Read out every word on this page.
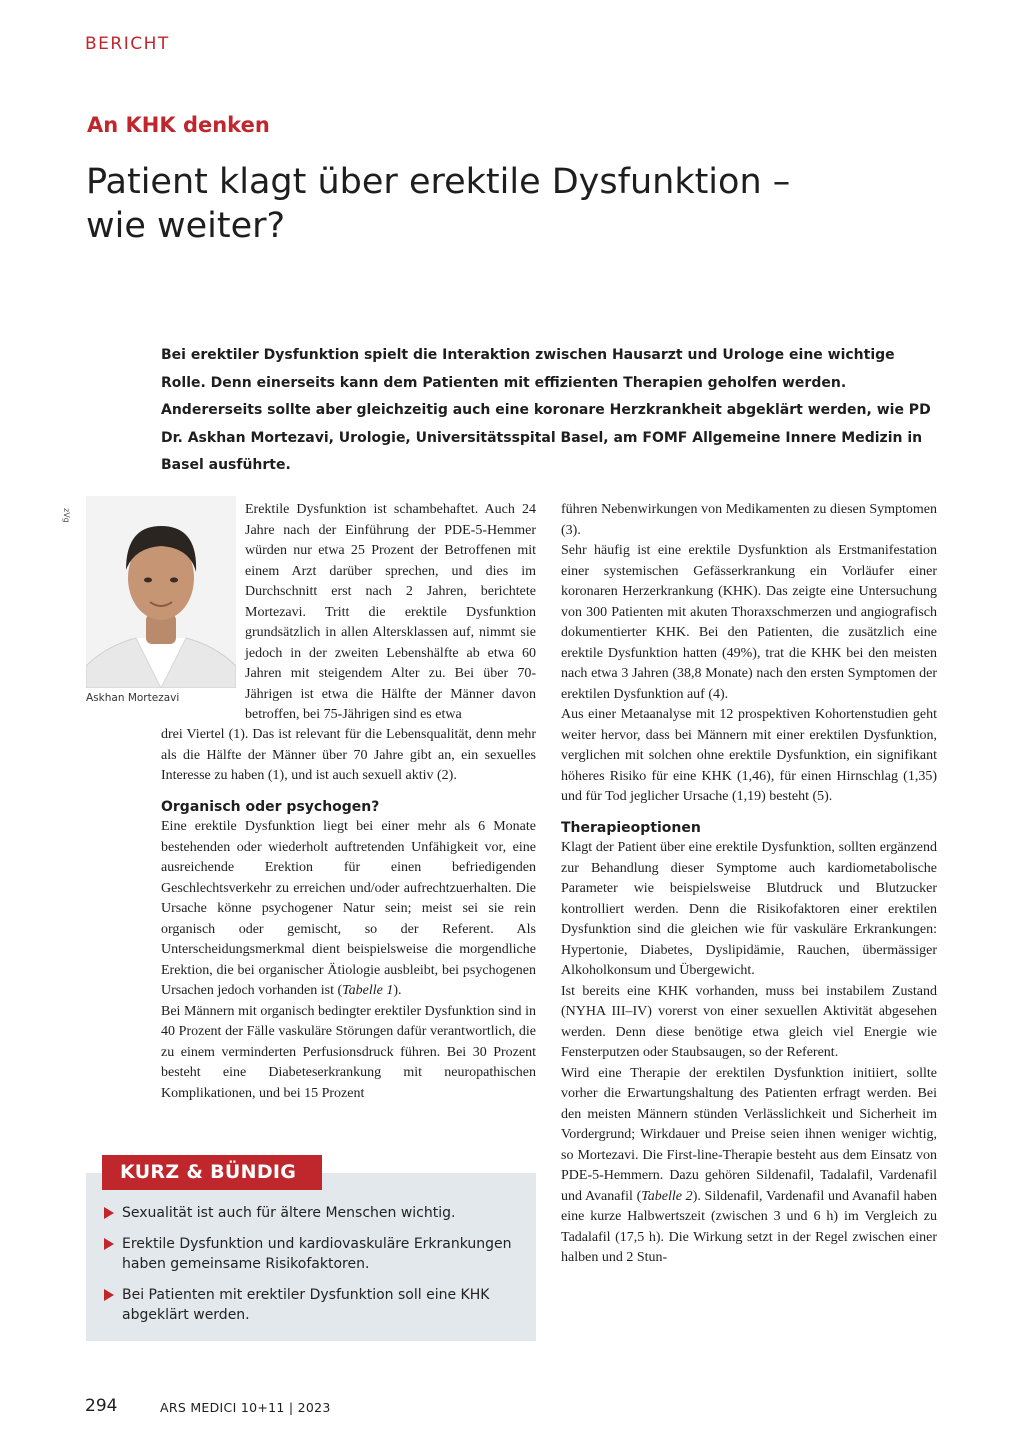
BERICHT
An KHK denken
Patient klagt über erektile Dysfunktion –
wie weiter?
Bei erektiler Dysfunktion spielt die Interaktion zwischen Hausarzt und Urologe eine wichtige Rolle. Denn einerseits kann dem Patienten mit effizienten Therapien geholfen werden. Andererseits sollte aber gleichzeitig auch eine koronare Herzkrankheit abgeklärt werden, wie PD Dr. Askhan Mortezavi, Urologie, Universitätsspital Basel, am FOMF Allgemeine Innere Medizin in Basel ausführte.
zVg
Askhan Mortezavi

Erektile Dysfunktion ist schambehaftet. Auch 24 Jahre nach der Einführung der PDE-5-Hemmer würden nur etwa 25 Prozent der Betroffenen mit einem Arzt darüber sprechen, und dies im Durchschnitt erst nach 2 Jahren, berichtete Mortezavi. Tritt die erektile Dysfunktion grundsätzlich in allen Altersklassen auf, nimmt sie jedoch in der zweiten Lebenshälfte ab etwa 60 Jahren mit steigendem Alter zu. Bei über 70-Jährigen ist etwa die Hälfte der Männer davon betroffen, bei 75-Jährigen sind es etwa

drei Viertel (1). Das ist relevant für die Lebensqualität, denn mehr als die Hälfte der Männer über 70 Jahre gibt an, ein sexuelles Interesse zu haben (1), und ist auch sexuell aktiv (2).

Organisch oder psychogen?

Eine erektile Dysfunktion liegt bei einer mehr als 6 Monate bestehenden oder wiederholt auftretenden Unfähigkeit vor, eine ausreichende Erektion für einen befriedigenden Geschlechtsverkehr zu erreichen und/oder aufrechtzuerhalten. Die Ursache könne psychogener Natur sein; meist sei sie rein organisch oder gemischt, so der Referent. Als Unterscheidungsmerkmal dient beispielsweise die morgendliche Erektion, die bei organischer Ätiologie ausbleibt, bei psychogenen Ursachen jedoch vorhanden ist (Tabelle 1).

Bei Männern mit organisch bedingter erektiler Dysfunktion sind in 40 Prozent der Fälle vaskuläre Störungen dafür verantwortlich, die zu einem verminderten Perfusionsdruck führen. Bei 30 Prozent besteht eine Diabeteserkrankung mit neuropathischen Komplikationen, und bei 15 Prozent

führen Nebenwirkungen von Medikamenten zu diesen Symptomen (3).

Sehr häufig ist eine erektile Dysfunktion als Erstmanifestation einer systemischen Gefässerkrankung ein Vorläufer einer koronaren Herzerkrankung (KHK). Das zeigte eine Untersuchung von 300 Patienten mit akuten Thoraxschmerzen und angiografisch dokumentierter KHK. Bei den Patienten, die zusätzlich eine erektile Dysfunktion hatten (49%), trat die KHK bei den meisten nach etwa 3 Jahren (38,8 Monate) nach den ersten Symptomen der erektilen Dysfunktion auf (4).

Aus einer Metaanalyse mit 12 prospektiven Kohortenstudien geht weiter hervor, dass bei Männern mit einer erektilen Dysfunktion, verglichen mit solchen ohne erektile Dysfunktion, ein signifikant höheres Risiko für eine KHK (1,46), für einen Hirnschlag (1,35) und für Tod jeglicher Ursache (1,19) besteht (5).

Therapieoptionen

Klagt der Patient über eine erektile Dysfunktion, sollten ergänzend zur Behandlung dieser Symptome auch kardiometabolische Parameter wie beispielsweise Blutdruck und Blutzucker kontrolliert werden. Denn die Risikofaktoren einer erektilen Dysfunktion sind die gleichen wie für vaskuläre Erkrankungen: Hypertonie, Diabetes, Dyslipidämie, Rauchen, übermässiger Alkoholkonsum und Übergewicht.

Ist bereits eine KHK vorhanden, muss bei instabilem Zustand (NYHA III–IV) vorerst von einer sexuellen Aktivität abgesehen werden. Denn diese benötige etwa gleich viel Energie wie Fensterputzen oder Staubsaugen, so der Referent.

Wird eine Therapie der erektilen Dysfunktion initiiert, sollte vorher die Erwartungshaltung des Patienten erfragt werden. Bei den meisten Männern stünden Verlässlichkeit und Sicherheit im Vordergrund; Wirkdauer und Preise seien ihnen weniger wichtig, so Mortezavi. Die First-line-Therapie besteht aus dem Einsatz von PDE-5-Hemmern. Dazu gehören Sildenafil, Tadalafil, Vardenafil und Avanafil (Tabelle 2). Sildenafil, Vardenafil und Avanafil haben eine kurze Halbwertszeit (zwischen 3 und 6 h) im Vergleich zu Tadalafil (17,5 h). Die Wirkung setzt in der Regel zwischen einer halben und 2 Stun-

Sexualität ist auch für ältere Menschen wichtig.
Erektile Dysfunktion und kardiovaskuläre Erkrankungen haben gemeinsame Risikofaktoren.
Bei Patienten mit erektiler Dysfunktion soll eine KHK abgeklärt werden.
KURZ & BÜNDIG
294	ARS MEDICI 10+11 | 2023
